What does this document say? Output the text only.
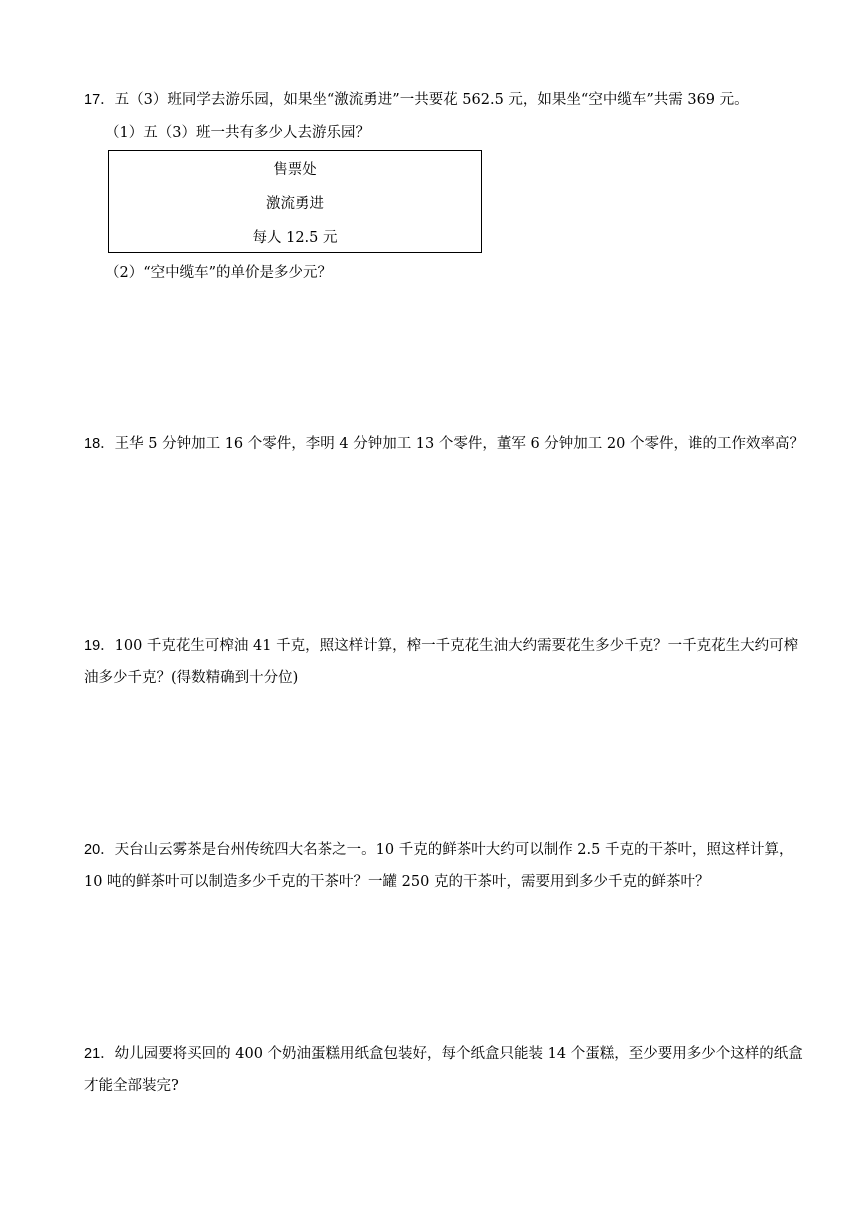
17．五（3）班同学去游乐园，如果坐“激流勇进”一共要花 562.5 元，如果坐“空中缆车”共需 369 元。
（1）五（3）班一共有多少人去游乐园？
售票处
激流勇进
每人 12.5 元
（2）“空中缆车”的单价是多少元？
18．王华 5 分钟加工 16 个零件，李明 4 分钟加工 13 个零件，董军 6 分钟加工 20 个零件，谁的工作效率高？
19．100 千克花生可榨油 41 千克，照这样计算，榨一千克花生油大约需要花生多少千克？一千克花生大约可榨油多少千克？(得数精确到十分位)
20．天台山云雾茶是台州传统四大名茶之一。10 千克的鲜茶叶大约可以制作 2.5 千克的干茶叶，照这样计算，10 吨的鲜茶叶可以制造多少千克的干茶叶？一罐 250 克的干茶叶，需要用到多少千克的鲜茶叶？
21．幼儿园要将买回的 400 个奶油蛋糕用纸盒包装好，每个纸盒只能装 14 个蛋糕，至少要用多少个这样的纸盒才能全部装完?
